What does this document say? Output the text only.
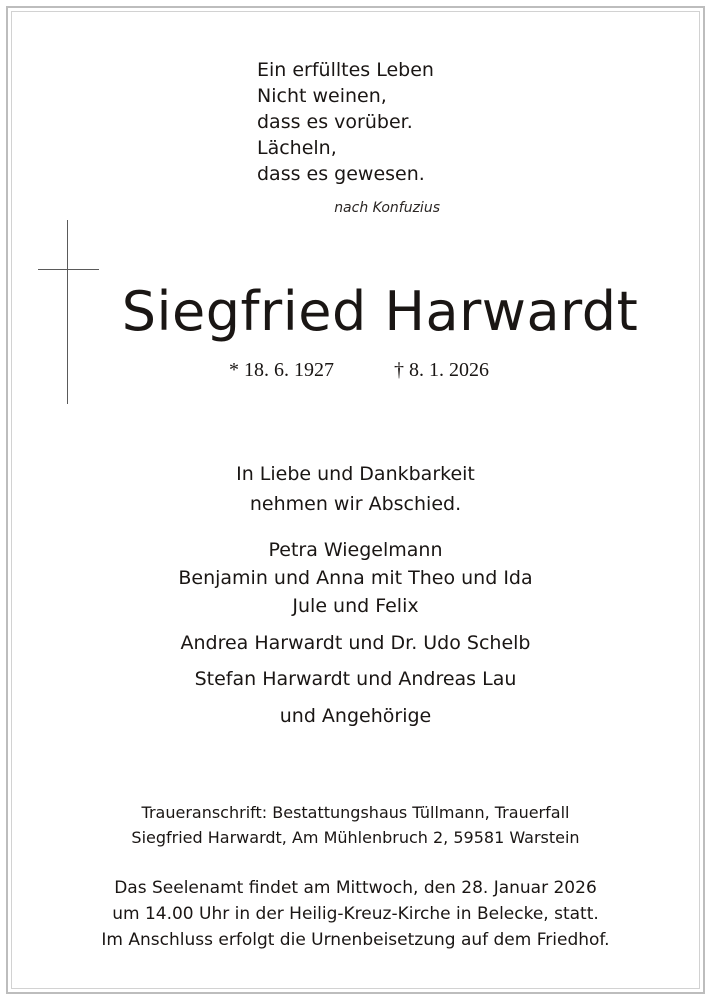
Ein erfülltes Leben
Nicht weinen,
dass es vorüber.
Lächeln,
dass es gewesen.
nach Konfuzius
Siegfried Harwardt
* 18. 6. 1927	† 8. 1. 2026
In Liebe und Dankbarkeit
nehmen wir Abschied.
Petra Wiegelmann
Benjamin und Anna mit Theo und Ida
Jule und Felix
Andrea Harwardt und Dr. Udo Schelb
Stefan Harwardt und Andreas Lau
und Angehörige
Traueranschrift: Bestattungshaus Tüllmann, Trauerfall
Siegfried Harwardt, Am Mühlenbruch 2, 59581 Warstein
Das Seelenamt findet am Mittwoch, den 28. Januar 2026
um 14.00 Uhr in der Heilig-Kreuz-Kirche in Belecke, statt.
Im Anschluss erfolgt die Urnenbeisetzung auf dem Friedhof.
